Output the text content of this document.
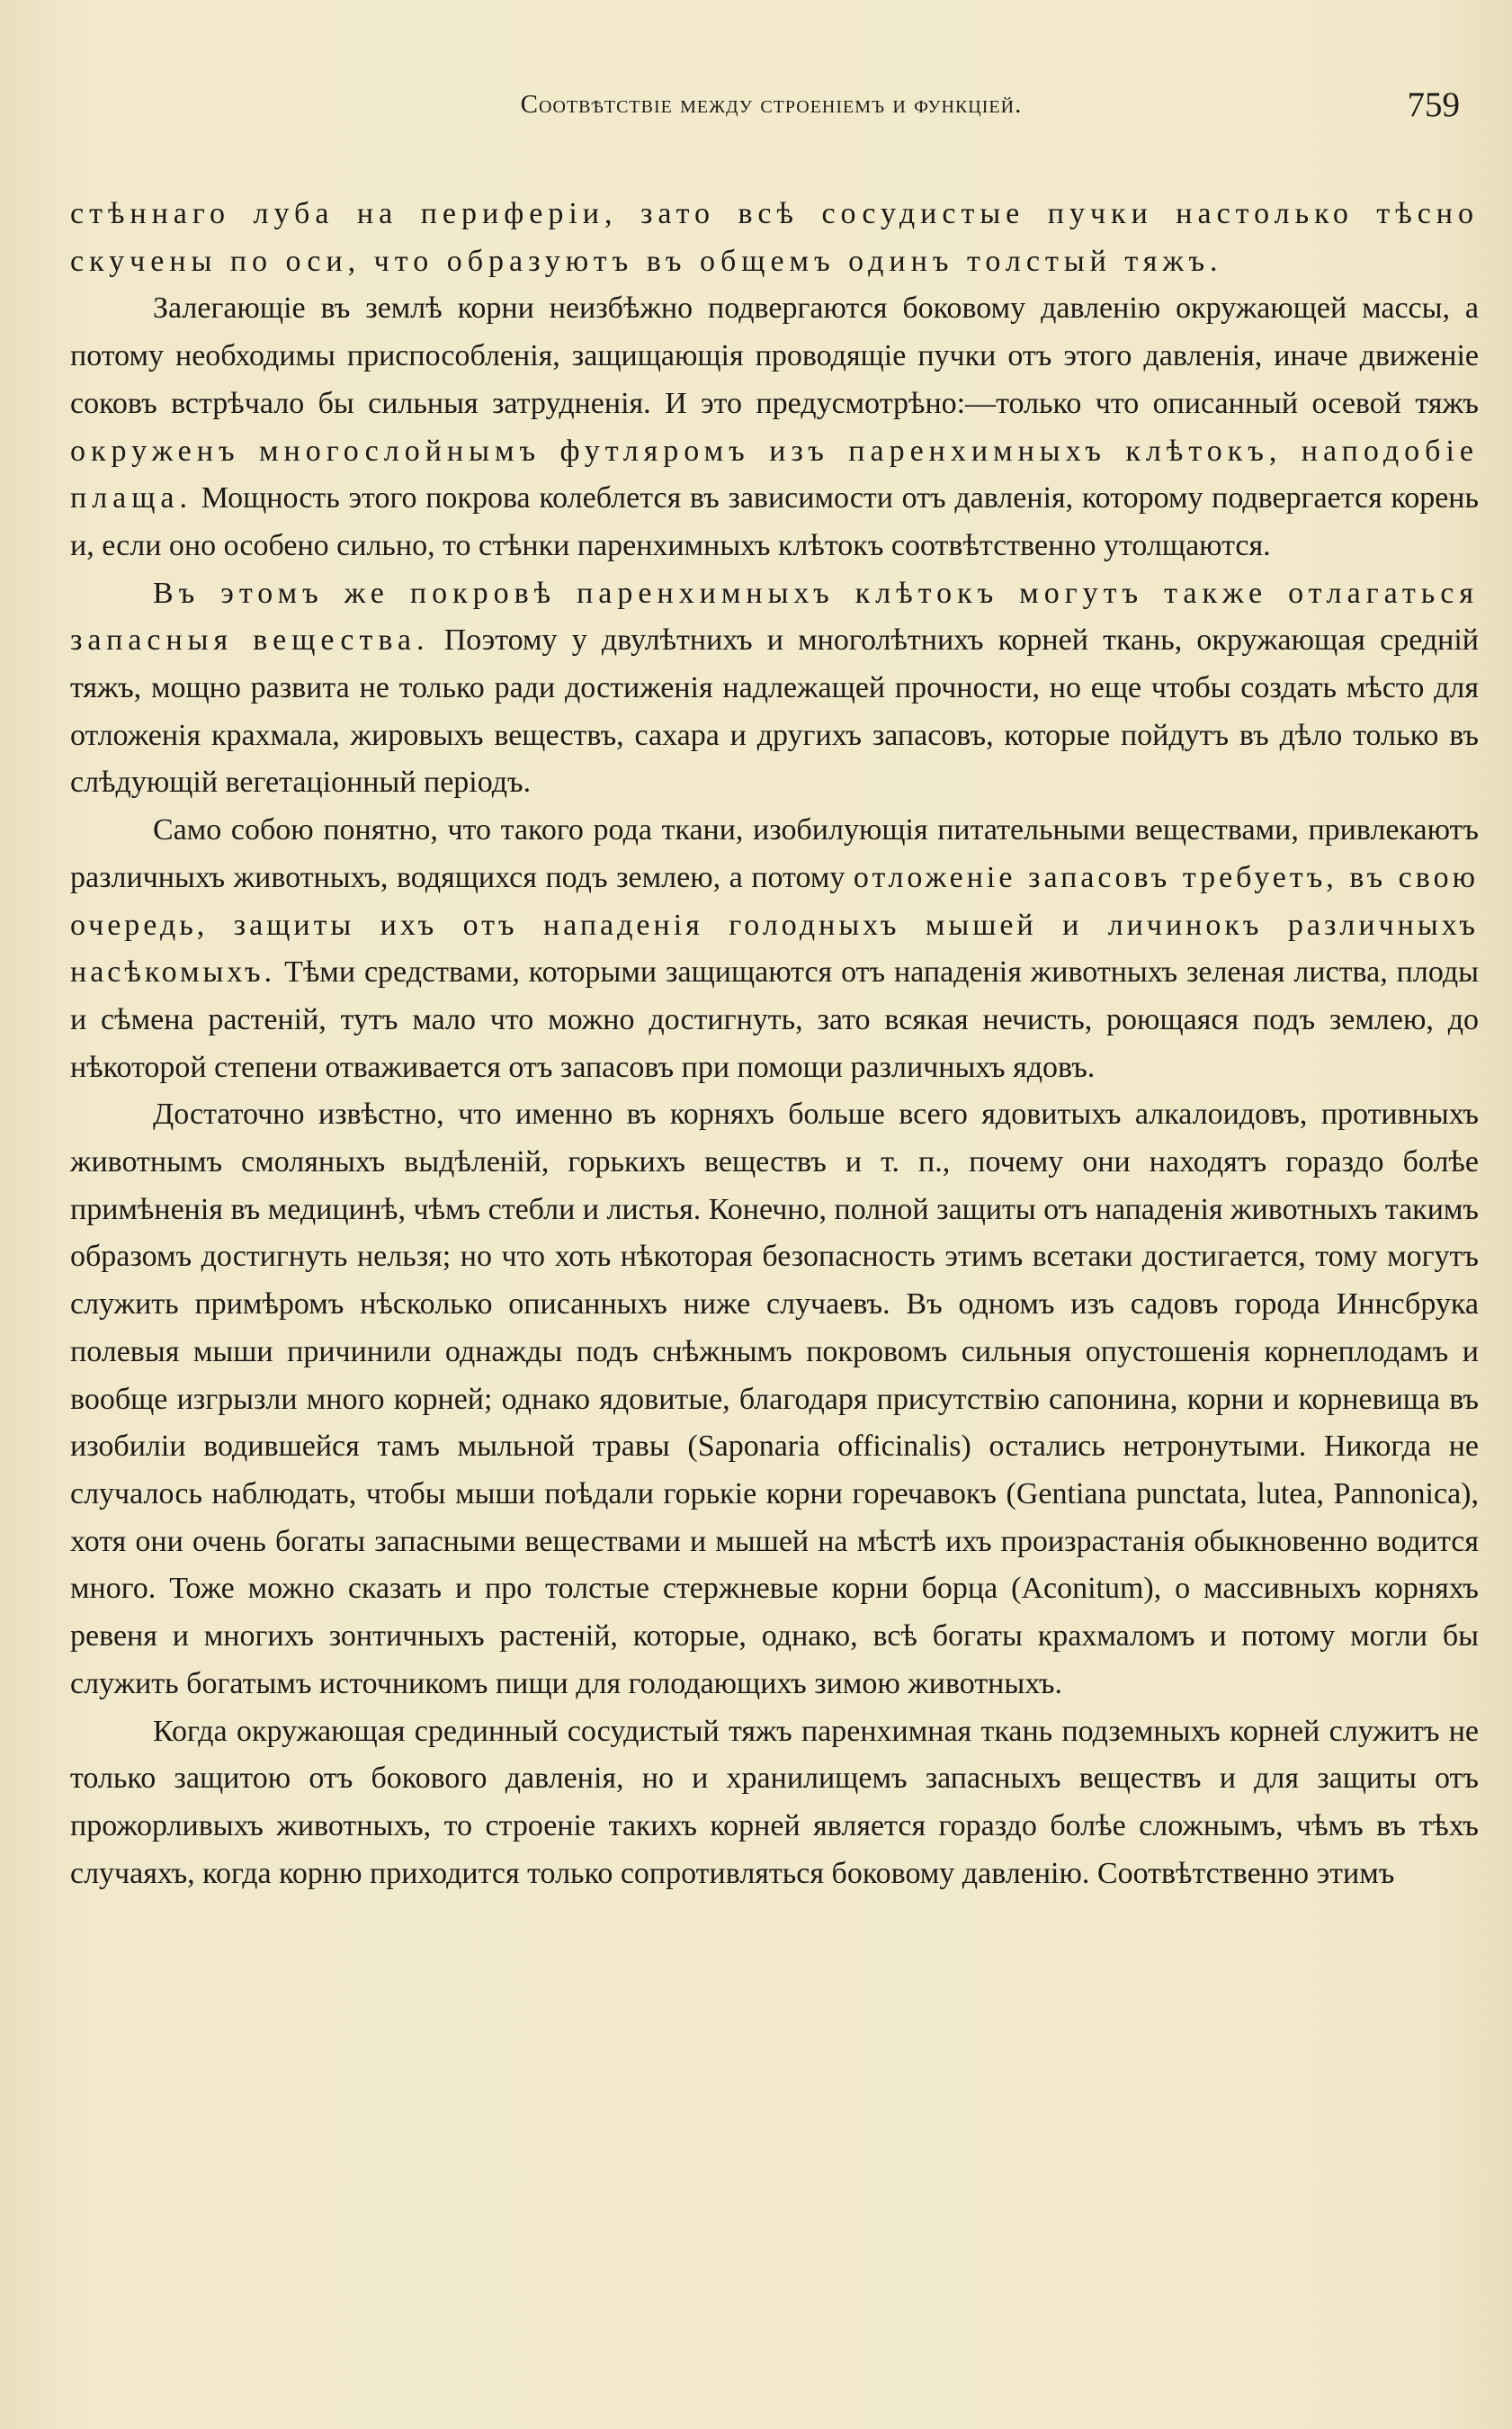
Соотвѣтствіе между строеніемъ и функціей.	759

стѣннаго луба на периферіи, зато всѣ сосудистые пучки настолько тѣсно скучены по оси, что образуютъ въ общемъ одинъ толстый тяжъ.

Залегающіе въ землѣ корни неизбѣжно подвергаются боковому давленію окружающей массы, а потому необходимы приспособленія, защищающія проводящіе пучки отъ этого давленія, иначе движеніе соковъ встрѣчало бы сильныя затрудненія. И это предусмотрѣно:—только что описанный осевой тяжъ окруженъ многослойнымъ футляромъ изъ паренхимныхъ клѣтокъ, наподобіе плаща. Мощность этого покрова колеблется въ зависимости отъ давленія, которому подвергается корень и, если оно особено сильно, то стѣнки паренхимныхъ клѣтокъ соотвѣтственно утолщаются.

Въ этомъ же покровѣ паренхимныхъ клѣтокъ могутъ также отлагаться запасныя вещества. Поэтому у двулѣтнихъ и многолѣтнихъ корней ткань, окружающая средній тяжъ, мощно развита не только ради достиженія надлежащей прочности, но еще чтобы создать мѣсто для отложенія крахмала, жировыхъ веществъ, сахара и другихъ запасовъ, которые пойдутъ въ дѣло только въ слѣдующій вегетаціонный періодъ.

Само собою понятно, что такого рода ткани, изобилующія питательными веществами, привлекаютъ различныхъ животныхъ, водящихся подъ землею, а потому отложеніе запасовъ требуетъ, въ свою очередь, защиты ихъ отъ нападенія голодныхъ мышей и личинокъ различныхъ насѣкомыхъ. Тѣми средствами, которыми защищаются отъ нападенія животныхъ зеленая листва, плоды и сѣмена растеній, тутъ мало что можно достигнуть, зато всякая нечисть, роющаяся подъ землею, до нѣкоторой степени отваживается отъ запасовъ при помощи различныхъ ядовъ.

Достаточно извѣстно, что именно въ корняхъ больше всего ядовитыхъ алкалоидовъ, противныхъ животнымъ смоляныхъ выдѣленій, горькихъ веществъ и т. п., почему они находятъ гораздо болѣе примѣненія въ медицинѣ, чѣмъ стебли и листья. Конечно, полной защиты отъ нападенія животныхъ такимъ образомъ достигнуть нельзя; но что хоть нѣкоторая безопасность этимъ всетаки достигается, тому могутъ служить примѣромъ нѣсколько описанныхъ ниже случаевъ. Въ одномъ изъ садовъ города Иннсбрука полевыя мыши причинили однажды подъ снѣжнымъ покровомъ сильныя опустошенія корнеплодамъ и вообще изгрызли много корней; однако ядовитые, благодаря присутствію сапонина, корни и корневища въ изобиліи водившейся тамъ мыльной травы (Saponaria officinalis) остались нетронутыми. Никогда не случалось наблюдать, чтобы мыши поѣдали горькіе корни горечавокъ (Gentiana punctata, lutea, Pannonica), хотя они очень богаты запасными веществами и мышей на мѣстѣ ихъ произрастанія обыкновенно водится много. Тоже можно сказать и про толстые стержневые корни борца (Aconitum), о массивныхъ корняхъ ревеня и многихъ зонтичныхъ растеній, которые, однако, всѣ богаты крахмаломъ и потому могли бы служить богатымъ источникомъ пищи для голодающихъ зимою животныхъ.

Когда окружающая срединный сосудистый тяжъ паренхимная ткань подземныхъ корней служитъ не только защитою отъ бокового давленія, но и хранилищемъ запасныхъ веществъ и для защиты отъ прожорливыхъ животныхъ, то строеніе такихъ корней является гораздо болѣе сложнымъ, чѣмъ въ тѣхъ случаяхъ, когда корню приходится только сопротивляться боковому давленію. Соотвѣтственно этимъ
